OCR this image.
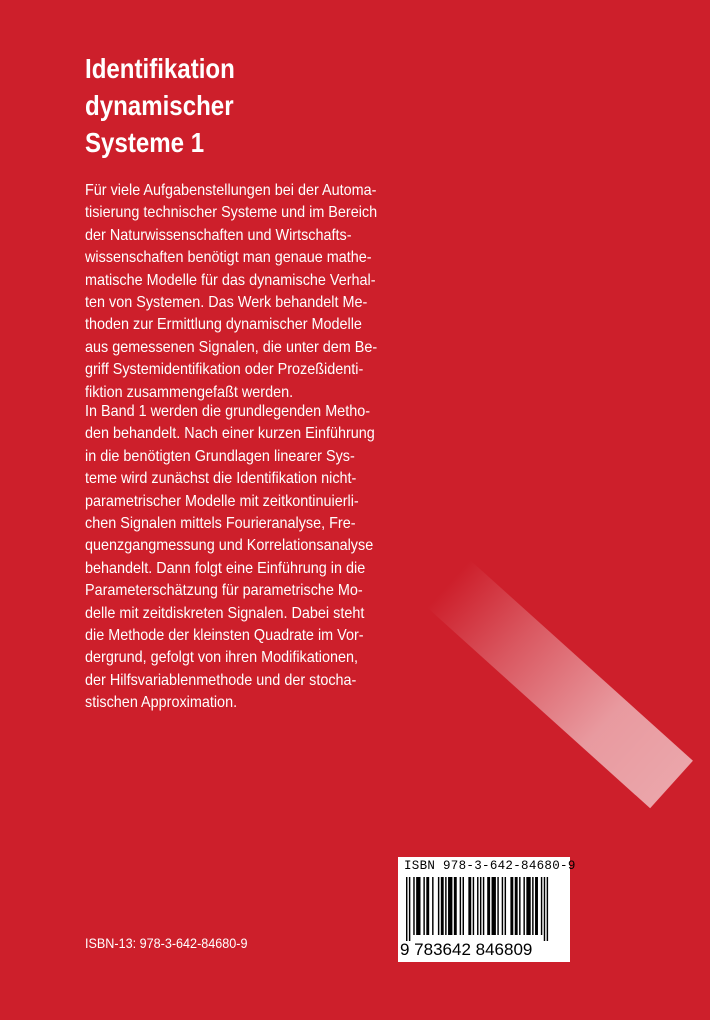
Identifikation
dynamischer
Systeme 1
Für viele Aufgabenstellungen bei der Automa-
tisierung technischer Systeme und im Bereich
der Naturwissenschaften und Wirtschafts-
wissenschaften benötigt man genaue mathe-
matische Modelle für das dynamische Verhal-
ten von Systemen. Das Werk behandelt Me-
thoden zur Ermittlung dynamischer Modelle
aus gemessenen Signalen, die unter dem Be-
griff Systemidentifikation oder Prozeßidenti-
fiktion zusammengefaßt werden.
In Band 1 werden die grundlegenden Metho-
den behandelt. Nach einer kurzen Einführung
in die benötigten Grundlagen linearer Sys-
teme wird zunächst die Identifikation nicht-
parametrischer Modelle mit zeitkontinuierli-
chen Signalen mittels Fourieranalyse, Fre-
quenzgangmessung und Korrelationsanalyse
behandelt. Dann folgt eine Einführung in die
Parameterschätzung für parametrische Mo-
delle mit zeitdiskreten Signalen. Dabei steht
die Methode der kleinsten Quadrate im Vor-
dergrund, gefolgt von ihren Modifikationen,
der Hilfsvariablenmethode und der stocha-
stischen Approximation.
ISBN 978-3-642-84680-9
9 783642 846809
ISBN-13: 978-3-642-84680-9
